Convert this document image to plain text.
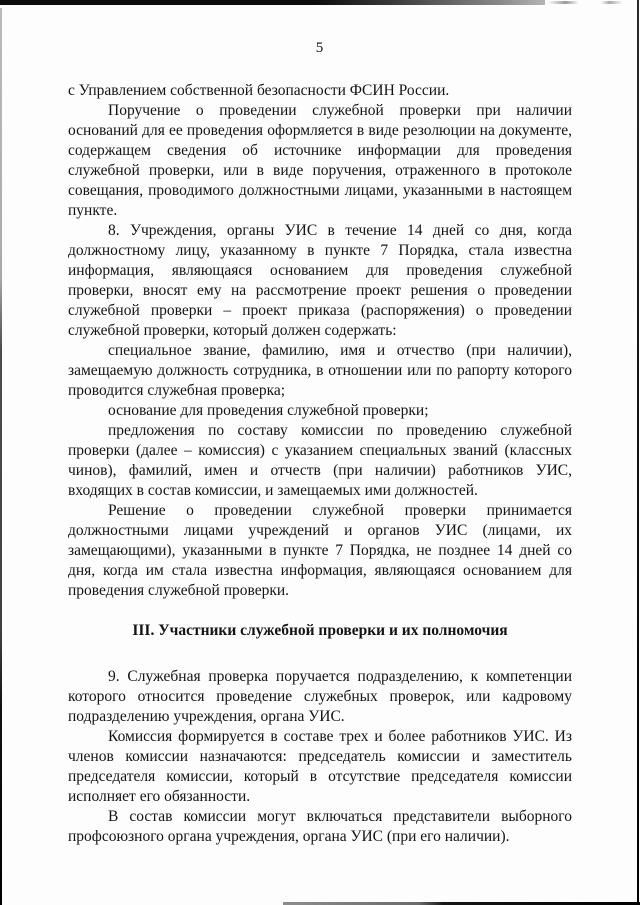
5

с Управлением собственной безопасности ФСИН России.

Поручение о проведении служебной проверки при наличии оснований для ее проведения оформляется в виде резолюции на документе, содержащем сведения об источнике информации для проведения служебной проверки, или в виде поручения, отраженного в протоколе совещания, проводимого должностными лицами, указанными в настоящем пункте.

8. Учреждения, органы УИС в течение 14 дней со дня, когда должностному лицу, указанному в пункте 7 Порядка, стала известна информация, являющаяся основанием для проведения служебной проверки, вносят ему на рассмотрение проект решения о проведении служебной проверки – проект приказа (распоряжения) о проведении служебной проверки, который должен содержать:

специальное звание, фамилию, имя и отчество (при наличии), замещаемую должность сотрудника, в отношении или по рапорту которого проводится служебная проверка;

основание для проведения служебной проверки;

предложения по составу комиссии по проведению служебной проверки (далее – комиссия) с указанием специальных званий (классных чинов), фамилий, имен и отчеств (при наличии) работников УИС, входящих в состав комиссии, и замещаемых ими должностей.

Решение о проведении служебной проверки принимается должностными лицами учреждений и органов УИС (лицами, их замещающими), указанными в пункте 7 Порядка, не позднее 14 дней со дня, когда им стала известна информация, являющаяся основанием для проведения служебной проверки.

III. Участники служебной проверки и их полномочия

9. Служебная проверка поручается подразделению, к компетенции которого относится проведение служебных проверок, или кадровому подразделению учреждения, органа УИС.

Комиссия формируется в составе трех и более работников УИС. Из членов комиссии назначаются: председатель комиссии и заместитель председателя комиссии, который в отсутствие председателя комиссии исполняет его обязанности.

В состав комиссии могут включаться представители выборного профсоюзного органа учреждения, органа УИС (при его наличии).
